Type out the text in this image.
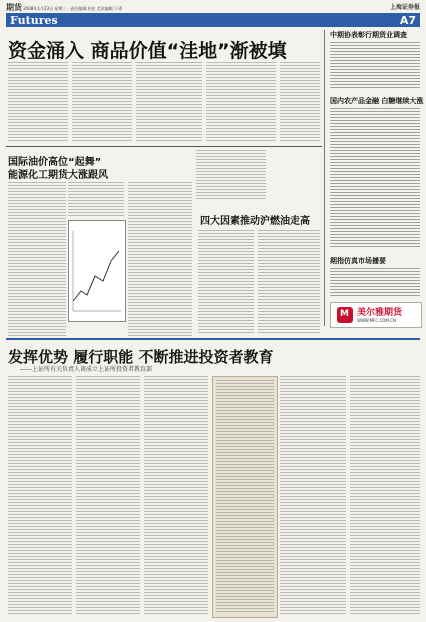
期货 2008年1月23日 星期三 · 责任编辑:杜宏 美术编辑:于勇	上海证券报
Futures	A7
资金涌入 商品价值“洼地”渐被填
国际油价高位“起舞”
能源化工期货大涨跟风
四大因素推动沪燃油走高
中期协表彰行期货业调查
国内农产品金融 白糖继续大涨
期指仿真市场播要
M 美尔雅期货
WWW.MFC.COM.CN
发挥优势 履行职能 不断推进投资者教育
——上证所有关负责人谈成立上证所投资者教育部
